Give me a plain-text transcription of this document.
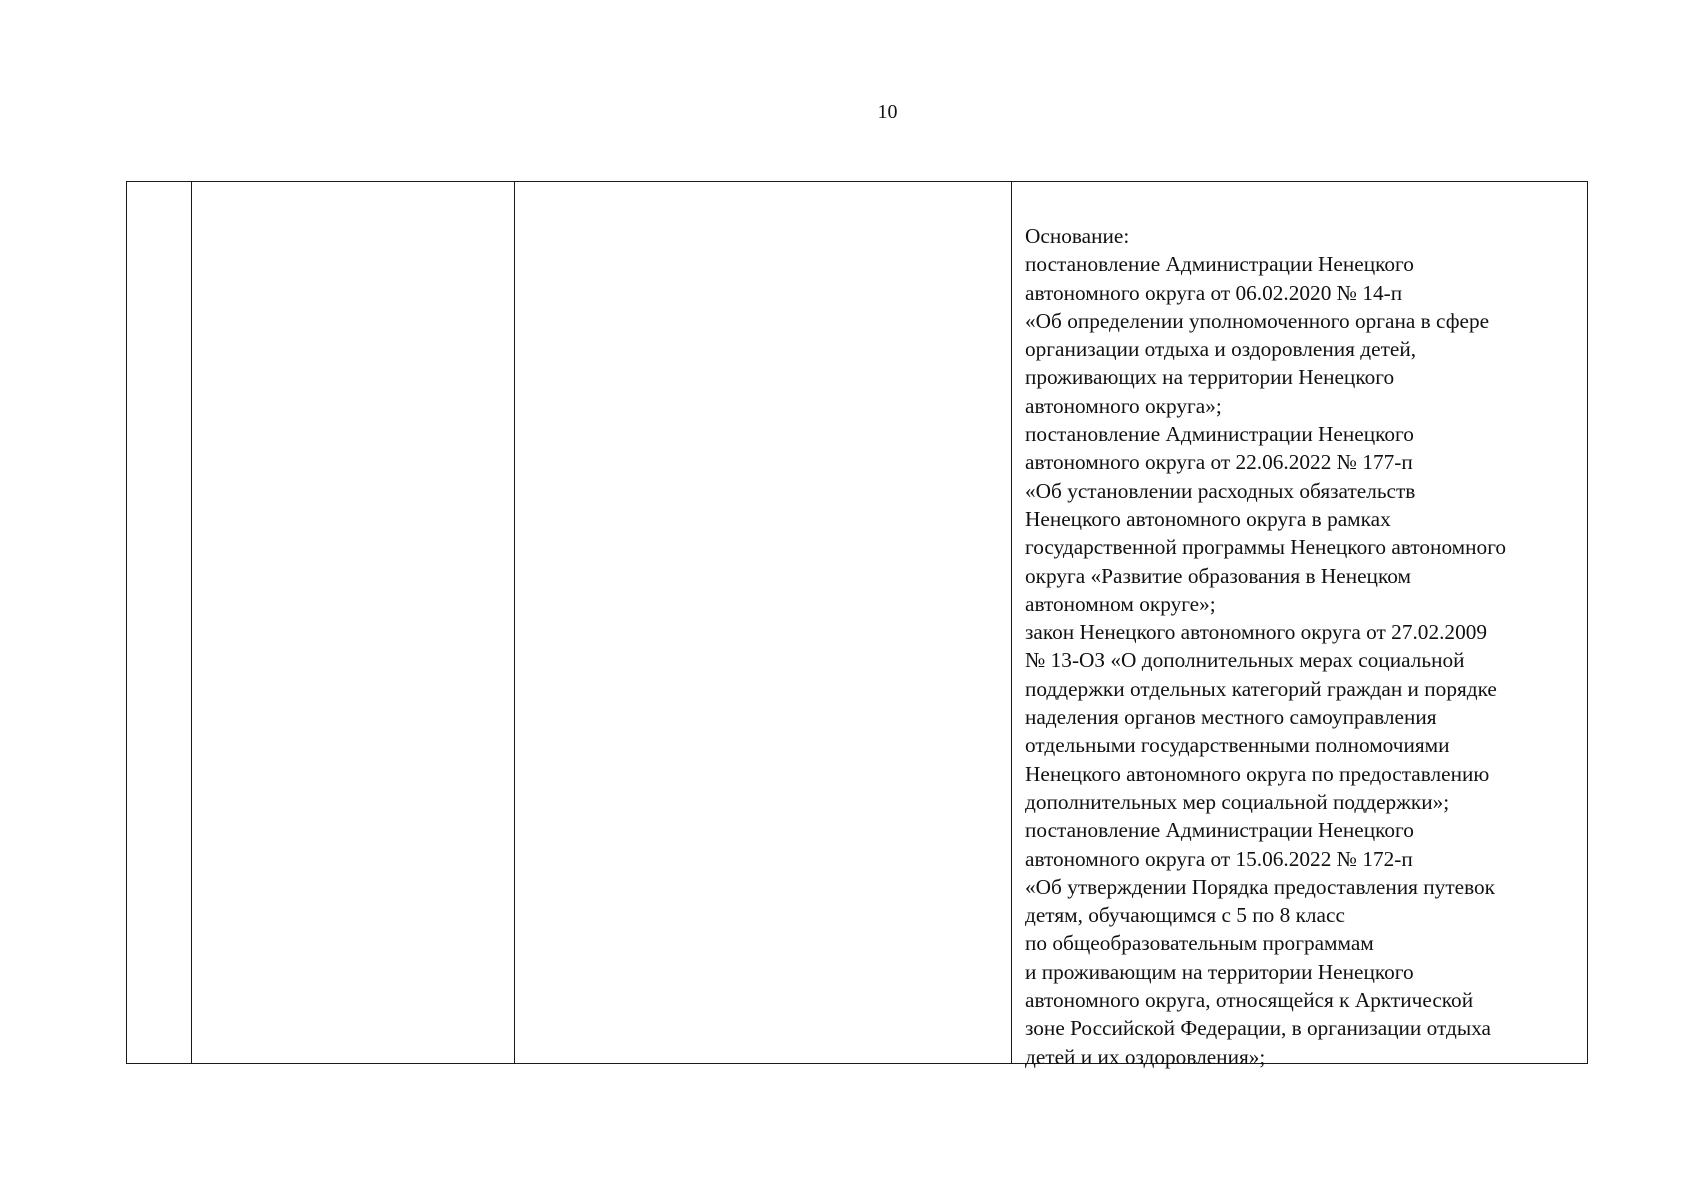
10
Основание:
постановление Администрации Ненецкого
автономного округа от 06.02.2020 № 14-п
«Об определении уполномоченного органа в сфере
организации отдыха и оздоровления детей,
проживающих на территории Ненецкого
автономного округа»;
постановление Администрации Ненецкого
автономного округа от 22.06.2022 № 177-п
«Об установлении расходных обязательств
Ненецкого автономного округа в рамках
государственной программы Ненецкого автономного
округа «Развитие образования в Ненецком
автономном округе»;
закон Ненецкого автономного округа от 27.02.2009
№ 13-ОЗ «О дополнительных мерах социальной
поддержки отдельных категорий граждан и порядке
наделения органов местного самоуправления
отдельными государственными полномочиями
Ненецкого автономного округа по предоставлению
дополнительных мер социальной поддержки»;
постановление Администрации Ненецкого
автономного округа от 15.06.2022 № 172-п
«Об утверждении Порядка предоставления путевок
детям, обучающимся с 5 по 8 класс
по общеобразовательным программам
и проживающим на территории Ненецкого
автономного округа, относящейся к Арктической
зоне Российской Федерации, в организации отдыха
детей и их оздоровления»;
